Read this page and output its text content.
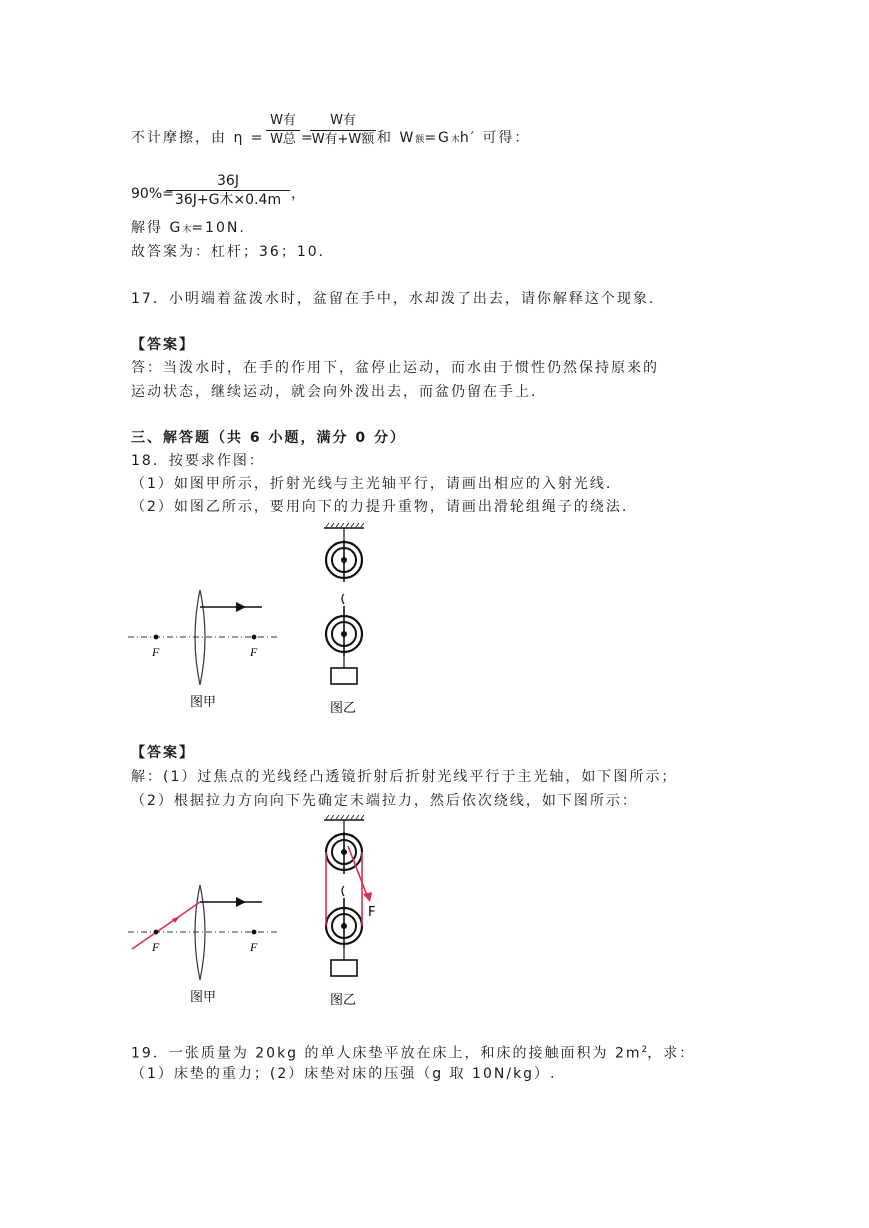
不计摩擦，由 η =
W有
W总 =
W有
W有+W额 和 W额=G木h′ 可得：
90%=
36J
36J+G木×0.4m ，
解得 G木=10N.
故答案为：杠杆；36；10.
17．小明端着盆泼水时，盆留在手中，水却泼了出去，请你解释这个现象.
【答案】
答：当泼水时，在手的作用下，盆停止运动，而水由于惯性仍然保持原来的
运动状态，继续运动，就会向外泼出去，而盆仍留在手上.
三、解答题（共 6 小题，满分 0 分）
18．按要求作图：
（1）如图甲所示，折射光线与主光轴平行，请画出相应的入射光线.
（2）如图乙所示，要用向下的力提升重物，请画出滑轮组绳子的绕法.
F	F
图甲	图乙
【答案】
解：(1）过焦点的光线经凸透镜折射后折射光线平行于主光轴，如下图所示；
（2）根据拉力方向向下先确定末端拉力，然后依次绕线，如下图所示：
F	F
图甲
F
图乙
19．一张质量为 20kg 的单人床垫平放在床上，和床的接触面积为 $2m^2$，求：
（1）床垫的重力；(2）床垫对床的压强（g 取 10N/kg）.
